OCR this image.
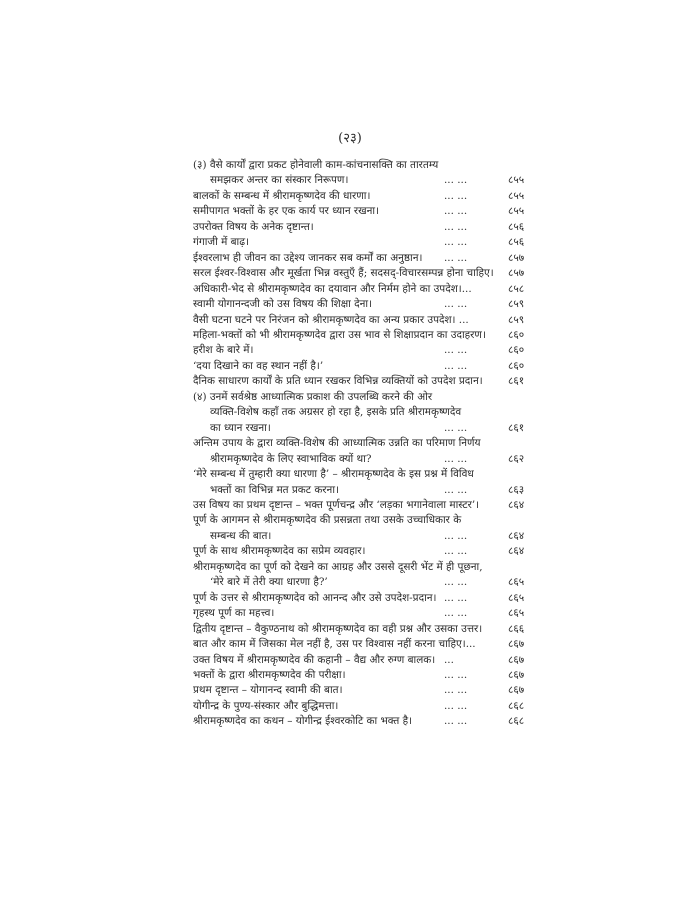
(२३)
(३) वैसे कार्यों द्वारा प्रकट होनेवाली काम-कांचनासक्ति का तारतम्य
समझकर अन्तर का संस्कार निरूपण।	... ...	८५५
बालकों के सम्बन्ध में श्रीरामकृष्णदेव की धारणा।	... ...	८५५
समीपागत भक्तों के हर एक कार्य पर ध्यान रखना।	... ...	८५५
उपरोक्त विषय के अनेक दृष्टान्त।	... ...	८५६
गंगाजी में बाढ़।	... ...	८५६
ईश्वरलाभ ही जीवन का उद्देश्य जानकर सब कर्मों का अनुष्ठान।	... ...	८५७
सरल ईश्वर-विश्वास और मूर्खता भिन्न वस्तुएँ हैं; सदसद्-विचारसम्पन्न होना चाहिए।	८५७
अधिकारी-भेद से श्रीरामकृष्णदेव का दयावान और निर्मम होने का उपदेश।...	८५८
स्वामी योगानन्दजी को उस विषय की शिक्षा देना।	... ...	८५९
वैसी घटना घटने पर निरंजन को श्रीरामकृष्णदेव का अन्य प्रकार उपदेश। ...	८५९
महिला-भक्तों को भी श्रीरामकृष्णदेव द्वारा उस भाव से शिक्षाप्रदान का उदाहरण।	८६०
हरीश के बारे में।	... ...	८६०
‘दया दिखाने का वह स्थान नहीं है।’	... ...	८६०
दैनिक साधारण कार्यों के प्रति ध्यान रखकर विभिन्न व्यक्तियों को उपदेश प्रदान।	८६१
(४) उनमें सर्वश्रेष्ठ आध्यात्मिक प्रकाश की उपलब्धि करने की ओर
व्यक्ति-विशेष कहाँ तक अग्रसर हो रहा है, इसके प्रति श्रीरामकृष्णदेव
का ध्यान रखना।	... ...	८६१
अन्तिम उपाय के द्वारा व्यक्ति-विशेष की आध्यात्मिक उन्नति का परिमाण निर्णय
श्रीरामकृष्णदेव के लिए स्वाभाविक क्यों था?	... ...	८६२
‘मेरे सम्बन्ध में तुम्हारी क्या धारणा है’ – श्रीरामकृष्णदेव के इस प्रश्न में विविध
भक्तों का विभिन्न मत प्रकट करना।	... ...	८६३
उस विषय का प्रथम दृष्टान्त – भक्त पूर्णचन्द्र और ‘लड़का भगानेवाला मास्टर’।	८६४
पूर्ण के आगमन से श्रीरामकृष्णदेव की प्रसन्नता तथा उसके उच्चाधिकार के
सम्बन्ध की बात।	... ...	८६४
पूर्ण के साथ श्रीरामकृष्णदेव का सप्रेम व्यवहार।	... ...	८६४
श्रीरामकृष्णदेव का पूर्ण को देखने का आग्रह और उससे दूसरी भेंट में ही पूछना,
‘मेरे बारे में तेरी क्या धारणा है?’	... ...	८६५
पूर्ण के उत्तर से श्रीरामकृष्णदेव को आनन्द और उसे उपदेश-प्रदान। ... ...	८६५
गृहस्थ पूर्ण का महत्त्व।	... ...	८६५
द्वितीय दृष्टान्त – वैकुण्ठनाथ को श्रीरामकृष्णदेव का वही प्रश्न और उसका उत्तर।	८६६
बात और काम में जिसका मेल नहीं है, उस पर विश्वास नहीं करना चाहिए।...	८६७
उक्त विषय में श्रीरामकृष्णदेव की कहानी – वैद्य और रुग्ण बालक। ...	८६७
भक्तों के द्वारा श्रीरामकृष्णदेव की परीक्षा।	... ...	८६७
प्रथम दृष्टान्त – योगानन्द स्वामी की बात।	... ...	८६७
योगीन्द्र के पुण्य-संस्कार और बुद्धिमत्ता।	... ...	८६८
श्रीरामकृष्णदेव का कथन – योगीन्द्र ईश्वरकोटि का भक्त है।	... ...	८६८
